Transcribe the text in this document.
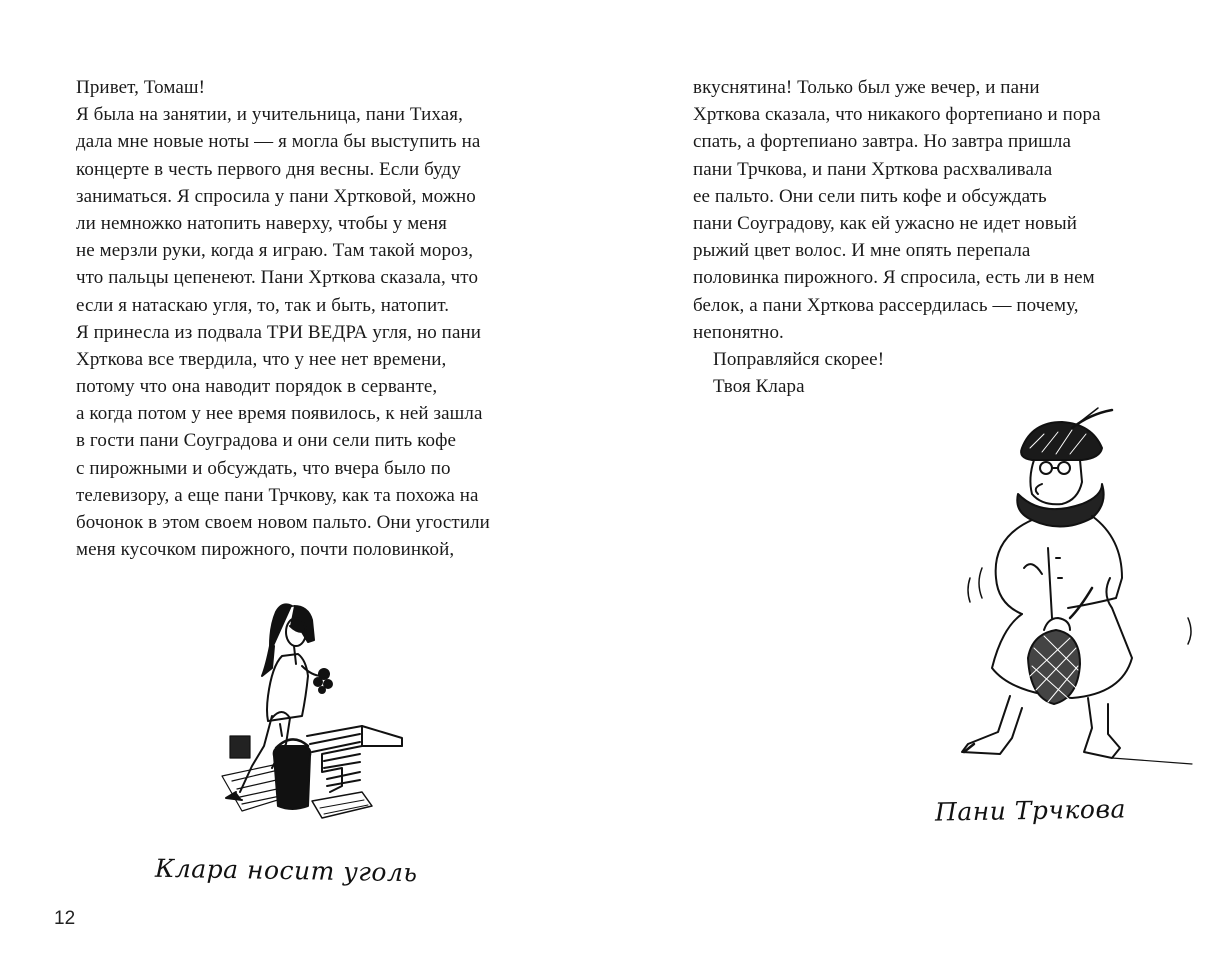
Привет, Томаш!
Я была на занятии, и учительница, пани Тихая,
дала мне новые ноты — я могла бы выступить на
концерте в честь первого дня весны. Если буду
заниматься. Я спросила у пани Хртковой, можно
ли немножко натопить наверху, чтобы у меня
не мерзли руки, когда я играю. Там такой мороз,
что пальцы цепенеют. Пани Хртковa сказала, что
если я натаскаю угля, то, так и быть, натопит.
Я принесла из подвала ТРИ ВЕДРА угля, но пани
Хртковa все твердила, что у нее нет времени,
потому что она наводит порядок в серванте,
а когда потом у нее время появилось, к ней зашла
в гости пани Соуградова и они сели пить кофе
с пирожными и обсуждать, что вчера было по
телевизору, а еще пани Трчкову, как та похожа на
бочонок в этом своем новом пальто. Они угостили
меня кусочком пирожного, почти половинкой,
вкуснятина! Только был уже вечер, и пани
Хртковa сказала, что никакого фортепиано и пора
спать, а фортепиано завтра. Но завтра пришла
пани Трчкова, и пани Хртковa расхваливала
ее пальто. Они сели пить кофе и обсуждать
пани Соуградову, как ей ужасно не идет новый
рыжий цвет волос. И мне опять перепала
половинка пирожного. Я спросила, есть ли в нем
белок, а пани Хртковa рассердилась — почему,
непонятно.
Поправляйся скорее!
Твоя Клара
Клара носит уголь
Пани Трчкова
12
